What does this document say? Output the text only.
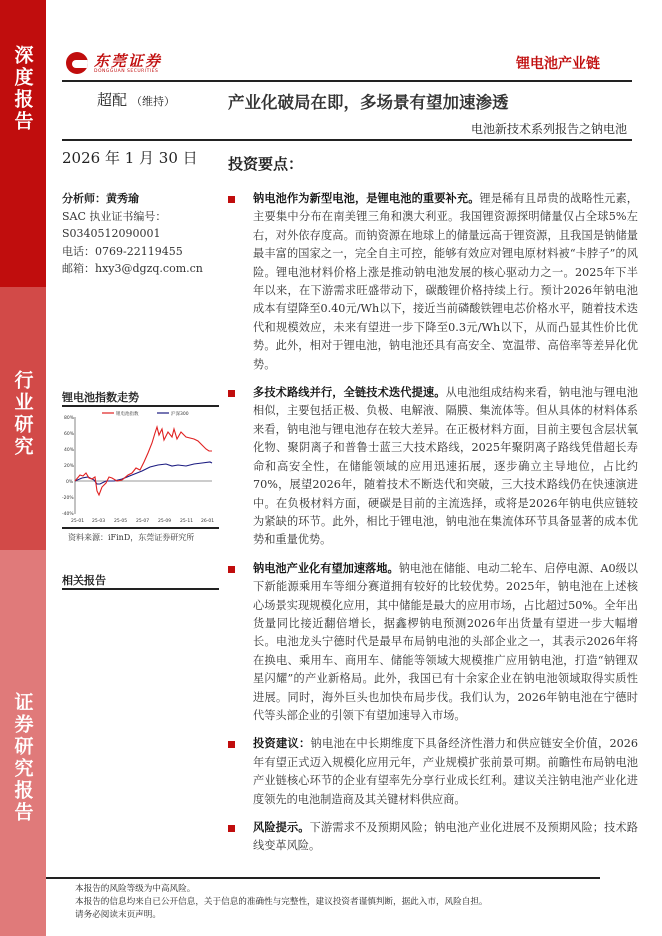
深度报告
行业研究
证券研究报告
东莞证券
DONGGUAN SECURITIES	锂电池产业链
超配 （维持）	产业化破局在即，多场景有望加速渗透
电池新技术系列报告之钠电池
2026 年 1 月 30 日
分析师：黄秀瑜
SAC 执业证书编号：
S0340512090001
电话：0769-22119455
邮箱：hxy3@dgzq.com.cn
锂电池指数走势
80%
60%
40%
20%
0%
-20%
-40%
25-01 25-03 25-05 25-07 25-09 25-11 26-01
锂电池指数	沪深300
资料来源：iFinD，东莞证券研究所
相关报告
投资要点：
钠电池作为新型电池，是锂电池的重要补充。锂是稀有且昂贵的战略性元素，主要集中分布在南美锂三角和澳大利亚。我国锂资源探明储量仅占全球5%左右，对外依存度高。而钠资源在地球上的储量远高于锂资源，且我国是钠储量最丰富的国家之一，完全自主可控，能够有效应对锂电原材料被“卡脖子”的风险。锂电池材料价格上涨是推动钠电池发展的核心驱动力之一。2025年下半年以来，在下游需求旺盛带动下，碳酸锂价格持续上行。预计2026年钠电池成本有望降至0.40元/Wh以下，接近当前磷酸铁锂电芯价格水平，随着技术迭代和规模效应，未来有望进一步下降至0.3元/Wh以下，从而凸显其性价比优势。此外，相对于锂电池，钠电池还具有高安全、宽温带、高倍率等差异化优势。
多技术路线并行，全链技术迭代提速。从电池组成结构来看，钠电池与锂电池相似，主要包括正极、负极、电解液、隔膜、集流体等。但从具体的材料体系来看，钠电池与锂电池存在较大差异。在正极材料方面，目前主要包含层状氧化物、聚阴离子和普鲁士蓝三大技术路线，2025年聚阴离子路线凭借超长寿命和高安全性，在储能领域的应用迅速拓展，逐步确立主导地位，占比约70%，展望2026年，随着技术不断迭代和突破，三大技术路线仍在快速演进中。在负极材料方面，硬碳是目前的主流选择，或将是2026年钠电供应链较为紧缺的环节。此外，相比于锂电池，钠电池在集流体环节具备显著的成本优势和重量优势。
钠电池产业化有望加速落地。钠电池在储能、电动二轮车、启停电源、A0级以下新能源乘用车等细分赛道拥有较好的比较优势。2025年，钠电池在上述核心场景实现规模化应用，其中储能是最大的应用市场，占比超过50%。全年出货量同比接近翻倍增长，据鑫椤钠电预测2026年出货量有望进一步大幅增长。电池龙头宁德时代是最早布局钠电池的头部企业之一，其表示2026年将在换电、乘用车、商用车、储能等领域大规模推广应用钠电池，打造“钠锂双星闪耀”的产业新格局。此外，我国已有十余家企业在钠电池领域取得实质性进展。同时，海外巨头也加快布局步伐。我们认为，2026年钠电池在宁德时代等头部企业的引领下有望加速导入市场。
投资建议：钠电池在中长期维度下具备经济性潜力和供应链安全价值，2026年有望正式迈入规模化应用元年，产业规模扩张前景可期。前瞻性布局钠电池产业链核心环节的企业有望率先分享行业成长红利。建议关注钠电池产业化进度领先的电池制造商及其关键材料供应商。
风险提示。下游需求不及预期风险；钠电池产业化进展不及预期风险；技术路线变革风险。
本报告的风险等级为中高风险。
本报告的信息均来自已公开信息，关于信息的准确性与完整性，建议投资者谨慎判断，据此入市，风险自担。
请务必阅读末页声明。
